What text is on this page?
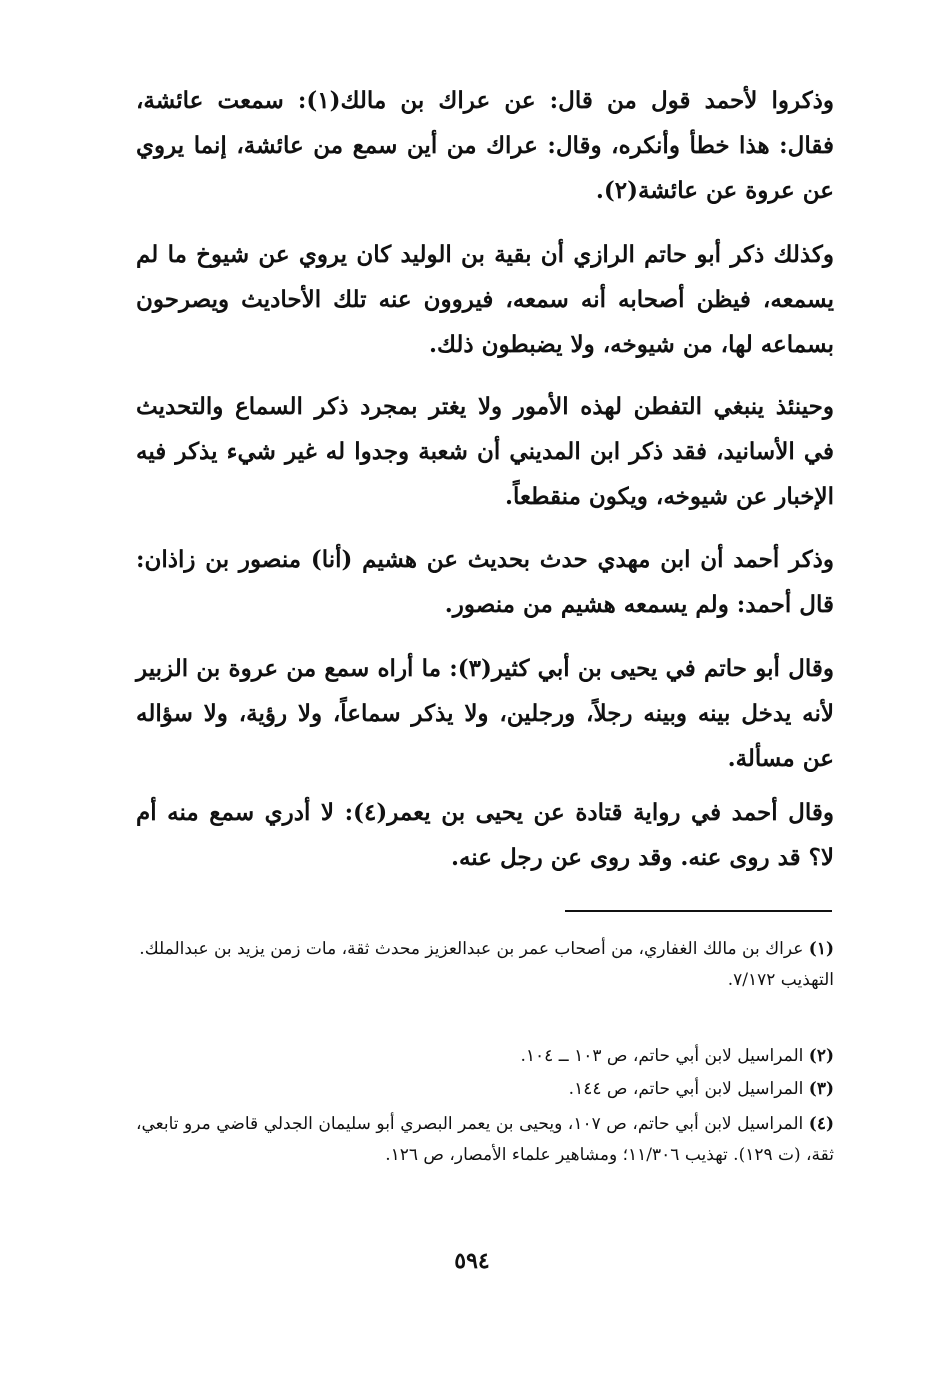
وذكروا لأحمد قول من قال: عن عراك بن مالك(١): سمعت عائشة، فقال: هذا خطأ وأنكره، وقال: عراك من أين سمع من عائشة، إنما يروي عن عروة عن عائشة(٢).

وكذلك ذكر أبو حاتم الرازي أن بقية بن الوليد كان يروي عن شيوخ ما لم يسمعه، فيظن أصحابه أنه سمعه، فيروون عنه تلك الأحاديث ويصرحون بسماعه لها، من شيوخه، ولا يضبطون ذلك.

وحينئذ ينبغي التفطن لهذه الأمور ولا يغتر بمجرد ذكر السماع والتحديث في الأسانيد، فقد ذكر ابن المديني أن شعبة وجدوا له غير شيء يذكر فيه الإخبار عن شيوخه، ويكون منقطعاً.

وذكر أحمد أن ابن مهدي حدث بحديث عن هشيم (أنا) منصور بن زاذان: قال أحمد: ولم يسمعه هشيم من منصور.

وقال أبو حاتم في يحيى بن أبي كثير(٣): ما أراه سمع من عروة بن الزبير لأنه يدخل بينه وبينه رجلاً، ورجلين، ولا يذكر سماعاً، ولا رؤية، ولا سؤاله عن مسألة.

وقال أحمد في رواية قتادة عن يحيى بن يعمر(٤): لا أدري سمع منه أم لا؟ قد روى عنه. وقد روى عن رجل عنه.

(١) عراك بن مالك الغفاري، من أصحاب عمر بن عبدالعزيز محدث ثقة، مات زمن يزيد بن عبدالملك.
التهذيب ٧/١٧٢.
(٢) المراسيل لابن أبي حاتم، ص ١٠٣ ــ ١٠٤.
(٣) المراسيل لابن أبي حاتم، ص ١٤٤.
(٤) المراسيل لابن أبي حاتم، ص ١٠٧، ويحيى بن يعمر البصري أبو سليمان الجدلي قاضي مرو تابعي، ثقة، (ت ١٢٩). تهذيب ١١/٣٠٦؛ ومشاهير علماء الأمصار، ص ١٢٦.
٥٩٤
